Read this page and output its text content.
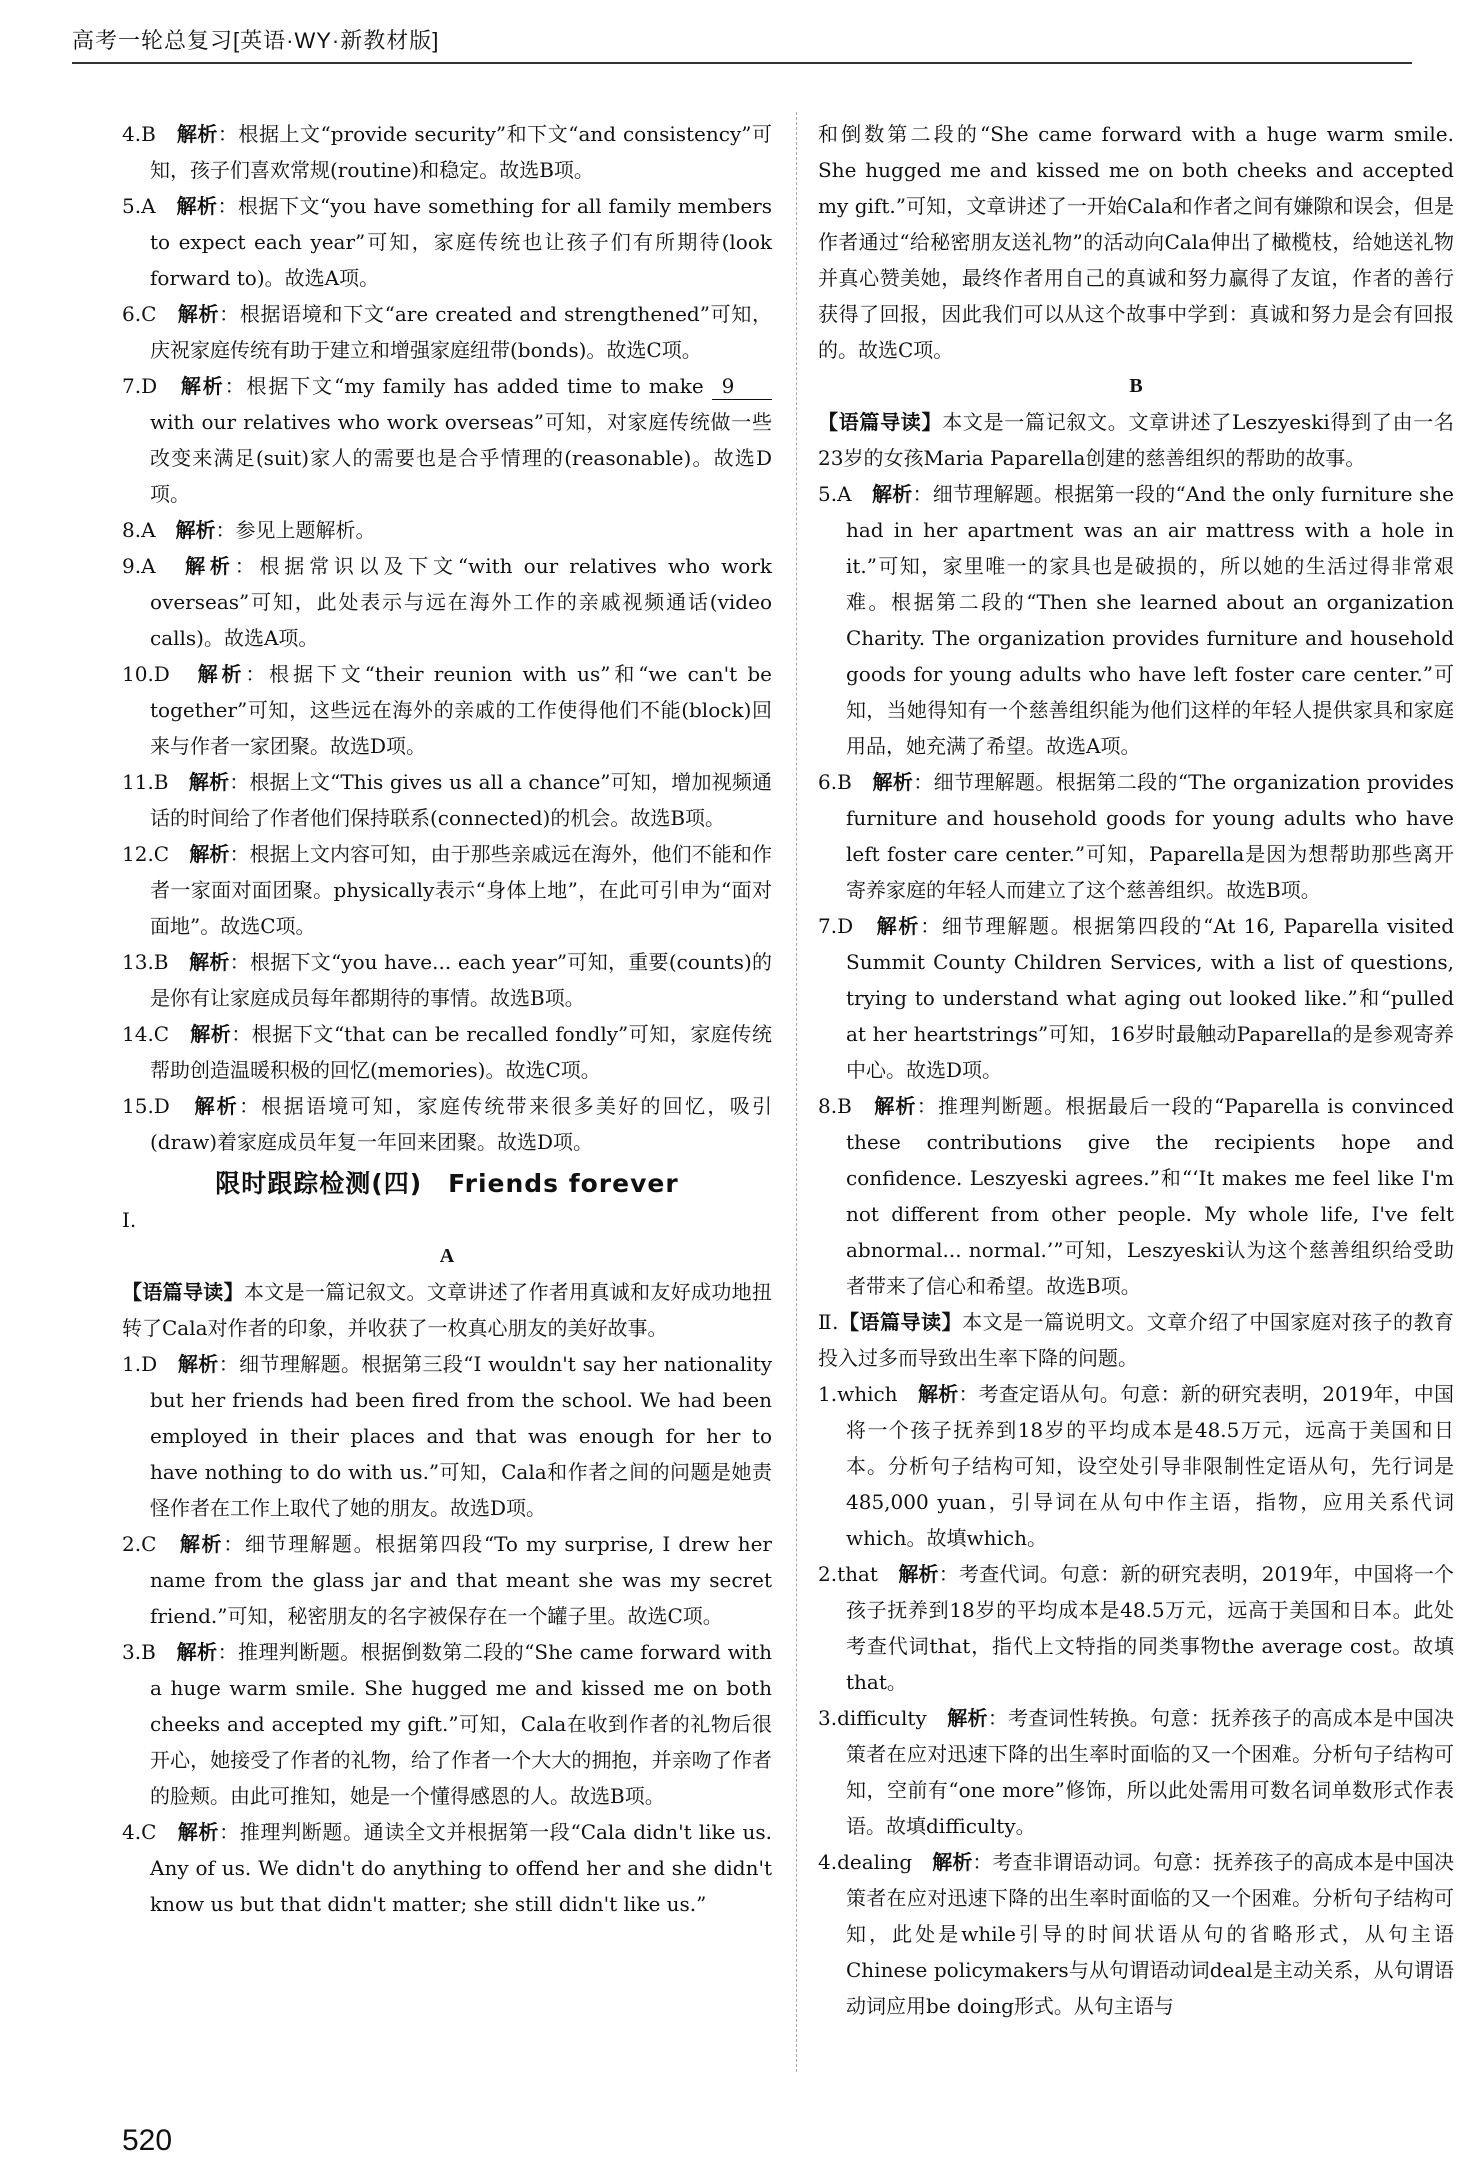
高考一轮总复习[英语·WY·新教材版]

4.B　 解析：根据上文“provide security”和下文“and consistency”可知，孩子们喜欢常规(routine)和稳定。故选B项。

5.A　 解析：根据下文“you have something for all family members to expect each year”可知，家庭传统也让孩子们有所期待(look forward to)。故选A项。

6.C　 解析：根据语境和下文“are created and strengthened”可知，庆祝家庭传统有助于建立和增强家庭纽带(bonds)。故选C项。

7.D　 解析：根据下文“my family has added time to make 9 with our relatives who work overseas”可知，对家庭传统做一些改变来满足(suit)家人的需要也是合乎情理的(reasonable)。故选D项。

8.A　 解析：参见上题解析。

9.A　 解析：根据常识以及下文“with our relatives who work overseas”可知，此处表示与远在海外工作的亲戚视频通话(video calls)。故选A项。

10.D　 解析：根据下文“their reunion with us”和“we can't be together”可知，这些远在海外的亲戚的工作使得他们不能(block)回来与作者一家团聚。故选D项。

11.B　 解析：根据上文“This gives us all a chance”可知，增加视频通话的时间给了作者他们保持联系(connected)的机会。故选B项。

12.C　 解析：根据上文内容可知，由于那些亲戚远在海外，他们不能和作者一家面对面团聚。physically表示“身体上地”，在此可引申为“面对面地”。故选C项。

13.B　 解析：根据下文“you have... each year”可知，重要(counts)的是你有让家庭成员每年都期待的事情。故选B项。

14.C　 解析：根据下文“that can be recalled fondly”可知，家庭传统帮助创造温暖积极的回忆(memories)。故选C项。

15.D　 解析：根据语境可知，家庭传统带来很多美好的回忆，吸引(draw)着家庭成员年复一年回来团聚。故选D项。

限时跟踪检测(四)　Friends forever

Ⅰ.

A

【语篇导读】本文是一篇记叙文。文章讲述了作者用真诚和友好成功地扭转了Cala对作者的印象，并收获了一枚真心朋友的美好故事。

1.D　 解析：细节理解题。根据第三段“I wouldn't say her nationality but her friends had been fired from the school. We had been employed in their places and that was enough for her to have nothing to do with us.”可知，Cala和作者之间的问题是她责怪作者在工作上取代了她的朋友。故选D项。

2.C　 解析：细节理解题。根据第四段“To my surprise, I drew her name from the glass jar and that meant she was my secret friend.”可知，秘密朋友的名字被保存在一个罐子里。故选C项。

3.B　 解析：推理判断题。根据倒数第二段的“She came forward with a huge warm smile. She hugged me and kissed me on both cheeks and accepted my gift.”可知，Cala在收到作者的礼物后很开心，她接受了作者的礼物，给了作者一个大大的拥抱，并亲吻了作者的脸颊。由此可推知，她是一个懂得感恩的人。故选B项。

4.C　 解析：推理判断题。通读全文并根据第一段“Cala didn't like us. Any of us. We didn't do anything to offend her and she didn't know us but that didn't matter; she still didn't like us.”

和倒数第二段的“She came forward with a huge warm smile. She hugged me and kissed me on both cheeks and accepted my gift.”可知，文章讲述了一开始Cala和作者之间有嫌隙和误会，但是作者通过“给秘密朋友送礼物”的活动向Cala伸出了橄榄枝，给她送礼物并真心赞美她，最终作者用自己的真诚和努力赢得了友谊，作者的善行获得了回报，因此我们可以从这个故事中学到：真诚和努力是会有回报的。故选C项。

B

【语篇导读】本文是一篇记叙文。文章讲述了Leszyeski得到了由一名23岁的女孩Maria Paparella创建的慈善组织的帮助的故事。

5.A　 解析：细节理解题。根据第一段的“And the only furniture she had in her apartment was an air mattress with a hole in it.”可知，家里唯一的家具也是破损的，所以她的生活过得非常艰难。根据第二段的“Then she learned about an organization Charity. The organization provides furniture and household goods for young adults who have left foster care center.”可知，当她得知有一个慈善组织能为他们这样的年轻人提供家具和家庭用品，她充满了希望。故选A项。

6.B　 解析：细节理解题。根据第二段的“The organization provides furniture and household goods for young adults who have left foster care center.”可知，Paparella是因为想帮助那些离开寄养家庭的年轻人而建立了这个慈善组织。故选B项。

7.D　 解析：细节理解题。根据第四段的“At 16, Paparella visited Summit County Children Services, with a list of questions, trying to understand what aging out looked like.”和“pulled at her heartstrings”可知，16岁时最触动Paparella的是参观寄养中心。故选D项。

8.B　 解析：推理判断题。根据最后一段的“Paparella is convinced these contributions give the recipients hope and confidence. Leszyeski agrees.”和“‘It makes me feel like I'm not different from other people. My whole life, I've felt abnormal... normal.’”可知，Leszyeski认为这个慈善组织给受助者带来了信心和希望。故选B项。

Ⅱ.【语篇导读】本文是一篇说明文。文章介绍了中国家庭对孩子的教育投入过多而导致出生率下降的问题。

1.which　 解析：考查定语从句。句意：新的研究表明，2019年，中国将一个孩子抚养到18岁的平均成本是48.5万元，远高于美国和日本。分析句子结构可知，设空处引导非限制性定语从句，先行词是485,000 yuan，引导词在从句中作主语，指物，应用关系代词which。故填which。

2.that　 解析：考查代词。句意：新的研究表明，2019年，中国将一个孩子抚养到18岁的平均成本是48.5万元，远高于美国和日本。此处考查代词that，指代上文特指的同类事物the average cost。故填that。

3.difficulty　 解析：考查词性转换。句意：抚养孩子的高成本是中国决策者在应对迅速下降的出生率时面临的又一个困难。分析句子结构可知，空前有“one more”修饰，所以此处需用可数名词单数形式作表语。故填difficulty。

4.dealing　 解析：考查非谓语动词。句意：抚养孩子的高成本是中国决策者在应对迅速下降的出生率时面临的又一个困难。分析句子结构可知，此处是while引导的时间状语从句的省略形式，从句主语Chinese policymakers与从句谓语动词deal是主动关系，从句谓语动词应用be doing形式。从句主语与

520
